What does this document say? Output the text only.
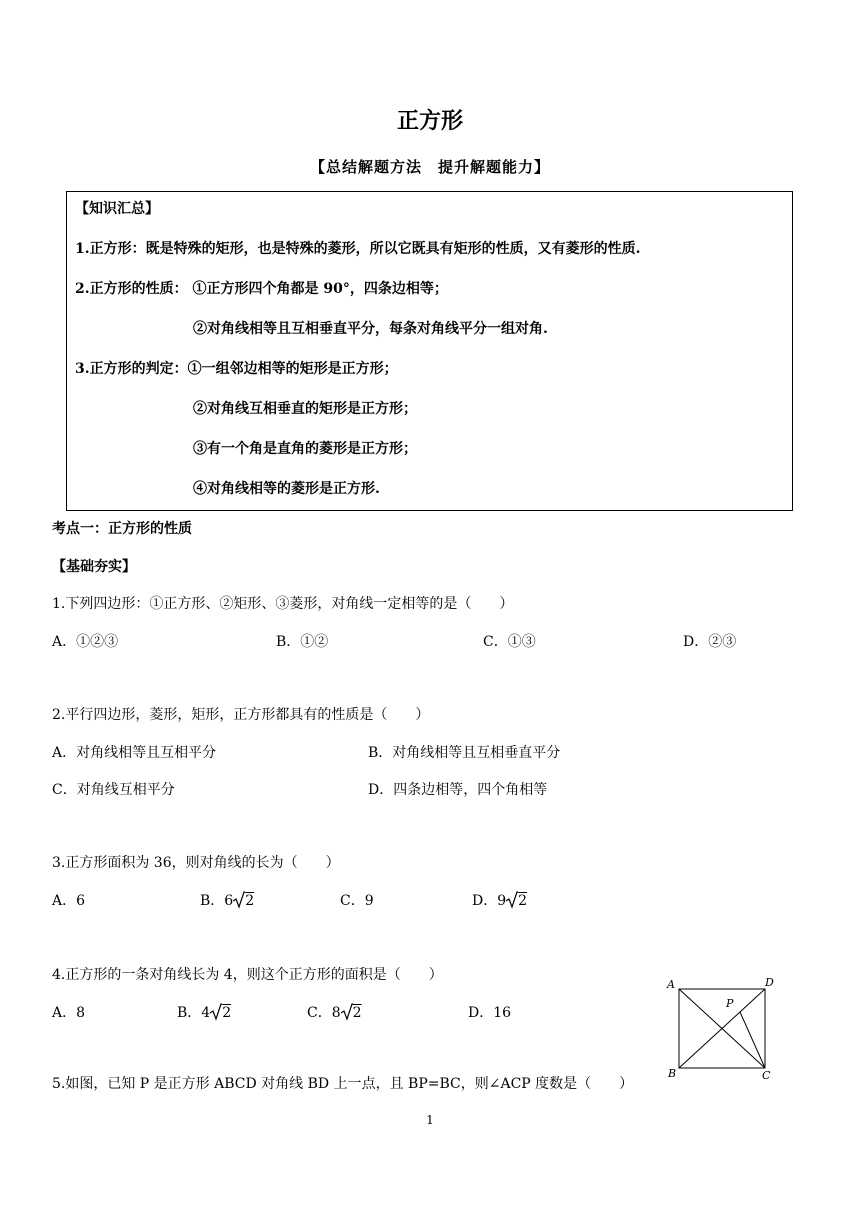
正方形
【总结解题方法　提升解题能力】
【知识汇总】
1.正方形：既是特殊的矩形，也是特殊的菱形，所以它既具有矩形的性质，又有菱形的性质.
2.正方形的性质： ①正方形四个角都是 90°，四条边相等；
②对角线相等且互相垂直平分，每条对角线平分一组对角.
3.正方形的判定：①一组邻边相等的矩形是正方形；
②对角线互相垂直的矩形是正方形；
③有一个角是直角的菱形是正方形；
④对角线相等的菱形是正方形.
考点一：正方形的性质
【基础夯实】
1.下列四边形：①正方形、②矩形、③菱形，对角线一定相等的是（　　）
A．①②③	B．①②	C．①③	D．②③
2.平行四边形，菱形，矩形，正方形都具有的性质是（　　）
A．对角线相等且互相平分	B．对角线相等且互相垂直平分
C．对角线互相平分	D．四条边相等，四个角相等
3.正方形面积为 36，则对角线的长为（　　）
A．6	B．6 2	C．9	D．9 2
4.正方形的一条对角线长为 4，则这个正方形的面积是（　　）
A．8	B．4 2	C．8 2	D．16
5.如图，已知 P 是正方形 ABCD 对角线 BD 上一点，且 BP=BC，则∠ACP 度数是（　　）
A	D
B	C
P
1
